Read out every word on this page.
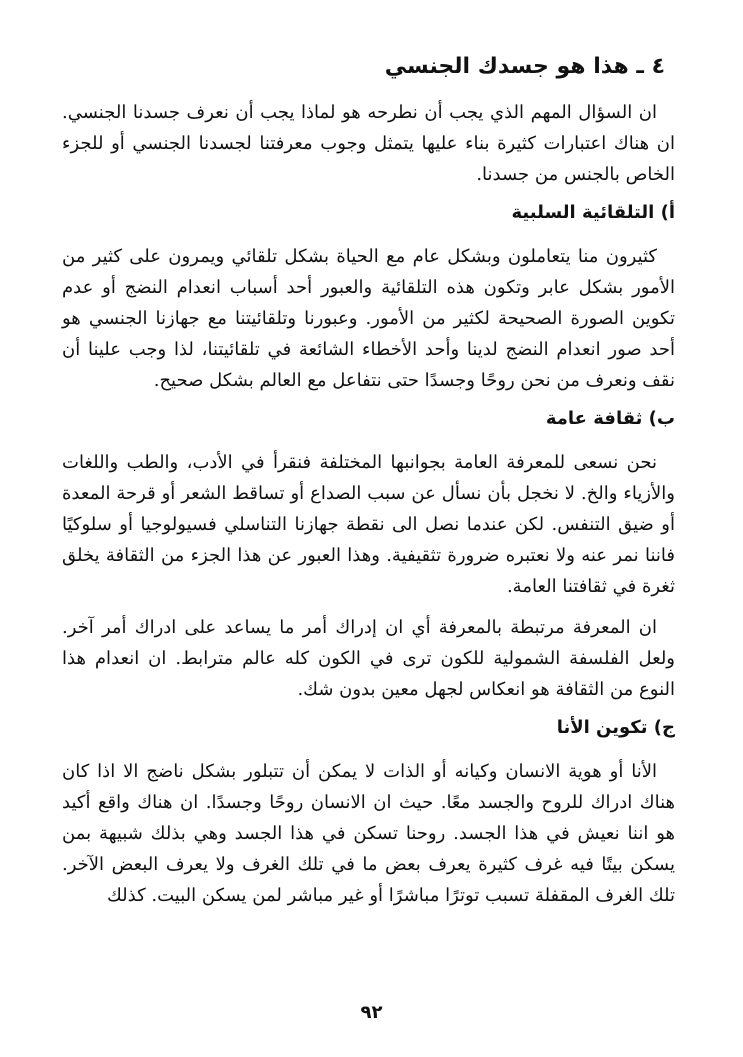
٤ ـ هذا هو جسدك الجنسي

ان السؤال المهم الذي يجب أن نطرحه هو لماذا يجب أن نعرف جسدنا الجنسي. ان هناك اعتبارات كثيرة بناء عليها يتمثل وجوب معرفتنا لجسدنا الجنسي أو للجزء الخاص بالجنس من جسدنا.

أ) التلقائية السلبية

كثيرون منا يتعاملون وبشكل عام مع الحياة بشكل تلقائي ويمرون على كثير من الأمور بشكل عابر وتكون هذه التلقائية والعبور أحد أسباب انعدام النضج أو عدم تكوين الصورة الصحيحة لكثير من الأمور. وعبورنا وتلقائيتنا مع جهازنا الجنسي هو أحد صور انعدام النضج لدينا وأحد الأخطاء الشائعة في تلقائيتنا، لذا وجب علينا أن نقف ونعرف من نحن روحًا وجسدًا حتى نتفاعل مع العالم بشكل صحيح.

ب) ثقافة عامة

نحن نسعى للمعرفة العامة بجوانبها المختلفة فنقرأ في الأدب، والطب واللغات والأزياء والخ. لا نخجل بأن نسأل عن سبب الصداع أو تساقط الشعر أو قرحة المعدة أو ضيق التنفس. لكن عندما نصل الى نقطة جهازنا التناسلي فسيولوجيا أو سلوكيًا فاننا نمر عنه ولا نعتبره ضرورة تثقيفية. وهذا العبور عن هذا الجزء من الثقافة يخلق ثغرة في ثقافتنا العامة.

ان المعرفة مرتبطة بالمعرفة أي ان إدراك أمر ما يساعد على ادراك أمر آخر. ولعل الفلسفة الشمولية للكون ترى في الكون كله عالم مترابط. ان انعدام هذا النوع من الثقافة هو انعكاس لجهل معين بدون شك.

ج) تكوين الأنا

الأنا أو هوية الانسان وكيانه أو الذات لا يمكن أن تتبلور بشكل ناضج الا اذا كان هناك ادراك للروح والجسد معًا. حيث ان الانسان روحًا وجسدًا. ان هناك واقع أكيد هو اننا نعيش في هذا الجسد. روحنا تسكن في هذا الجسد وهي بذلك شبيهة بمن يسكن بيتًا فيه غرف كثيرة يعرف بعض ما في تلك الغرف ولا يعرف البعض الآخر. تلك الغرف المقفلة تسبب توترًا مباشرًا أو غير مباشر لمن يسكن البيت. كذلك

٩٢
